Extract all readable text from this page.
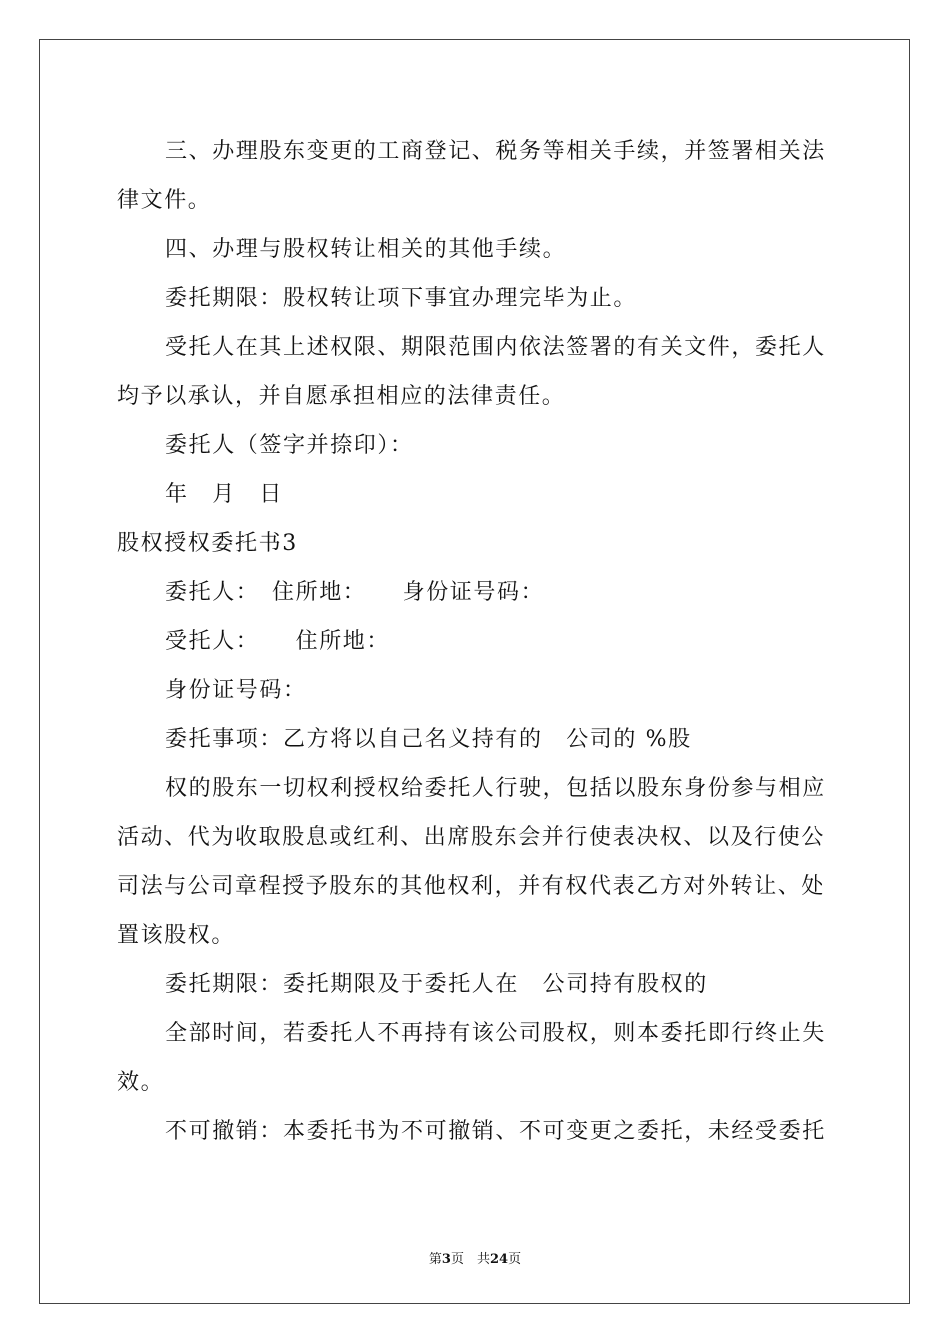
三、办理股东变更的工商登记、税务等相关手续，并签署相关法
律文件。
四、办理与股权转让相关的其他手续。
委托期限：股权转让项下事宜办理完毕为止。
受托人在其上述权限、期限范围内依法签署的有关文件，委托人
均予以承认，并自愿承担相应的法律责任。
委托人（签字并捺印）：
年　月　日
股权授权委托书3
委托人：　住所地：　　身份证号码：
受托人：　　住所地：
身份证号码：
委托事项：乙方将以自己名义持有的　公司的 %股
权的股东一切权利授权给委托人行驶，包括以股东身份参与相应
活动、代为收取股息或红利、出席股东会并行使表决权、以及行使公
司法与公司章程授予股东的其他权利，并有权代表乙方对外转让、处
置该股权。
委托期限：委托期限及于委托人在　公司持有股权的
全部时间，若委托人不再持有该公司股权，则本委托即行终止失
效。
不可撤销：本委托书为不可撤销、不可变更之委托，未经受委托
第3页　共24页
